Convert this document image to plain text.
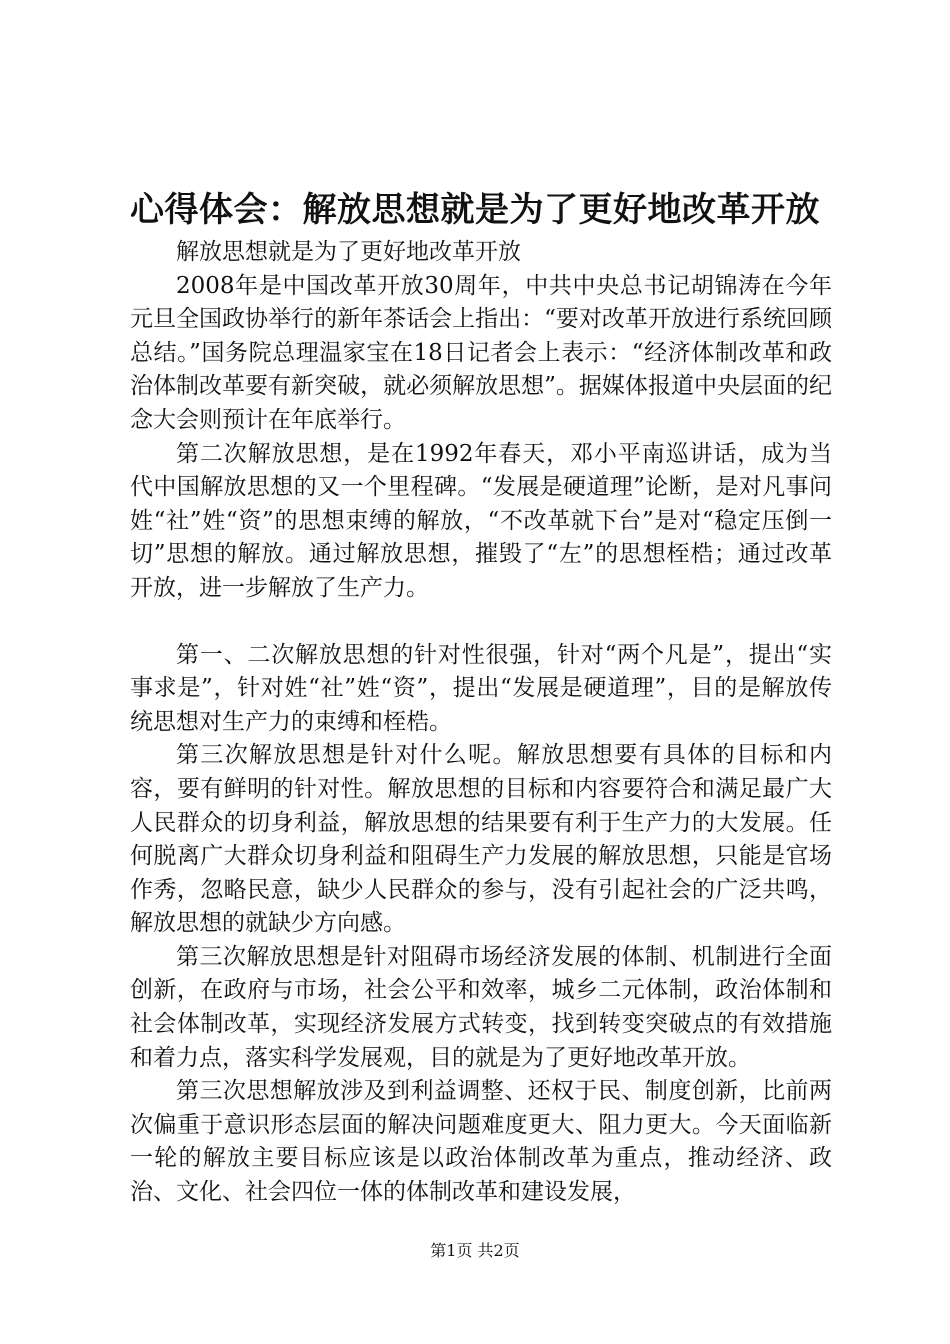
心得体会：解放思想就是为了更好地改革开放

解放思想就是为了更好地改革开放

2008年是中国改革开放30周年，中共中央总书记胡锦涛在今年元旦全国政协举行的新年茶话会上指出：“要对改革开放进行系统回顾总结。”国务院总理温家宝在18日记者会上表示：“经济体制改革和政治体制改革要有新突破，就必须解放思想”。据媒体报道中央层面的纪念大会则预计在年底举行。

第二次解放思想，是在1992年春天，邓小平南巡讲话，成为当代中国解放思想的又一个里程碑。“发展是硬道理”论断，是对凡事问姓“社”姓“资”的思想束缚的解放，“不改革就下台”是对“稳定压倒一切”思想的解放。通过解放思想，摧毁了“左”的思想桎梏；通过改革开放，进一步解放了生产力。

第一、二次解放思想的针对性很强，针对“两个凡是”，提出“实事求是”，针对姓“社”姓“资”，提出“发展是硬道理”，目的是解放传统思想对生产力的束缚和桎梏。

第三次解放思想是针对什么呢。解放思想要有具体的目标和内容，要有鲜明的针对性。解放思想的目标和内容要符合和满足最广大人民群众的切身利益，解放思想的结果要有利于生产力的大发展。任何脱离广大群众切身利益和阻碍生产力发展的解放思想，只能是官场作秀，忽略民意，缺少人民群众的参与，没有引起社会的广泛共鸣，解放思想的就缺少方向感。

第三次解放思想是针对阻碍市场经济发展的体制、机制进行全面创新，在政府与市场，社会公平和效率，城乡二元体制，政治体制和社会体制改革，实现经济发展方式转变，找到转变突破点的有效措施和着力点，落实科学发展观，目的就是为了更好地改革开放。

第三次思想解放涉及到利益调整、还权于民、制度创新，比前两次偏重于意识形态层面的解决问题难度更大、阻力更大。今天面临新一轮的解放主要目标应该是以政治体制改革为重点，推动经济、政治、文化、社会四位一体的体制改革和建设发展，

第1页 共2页
